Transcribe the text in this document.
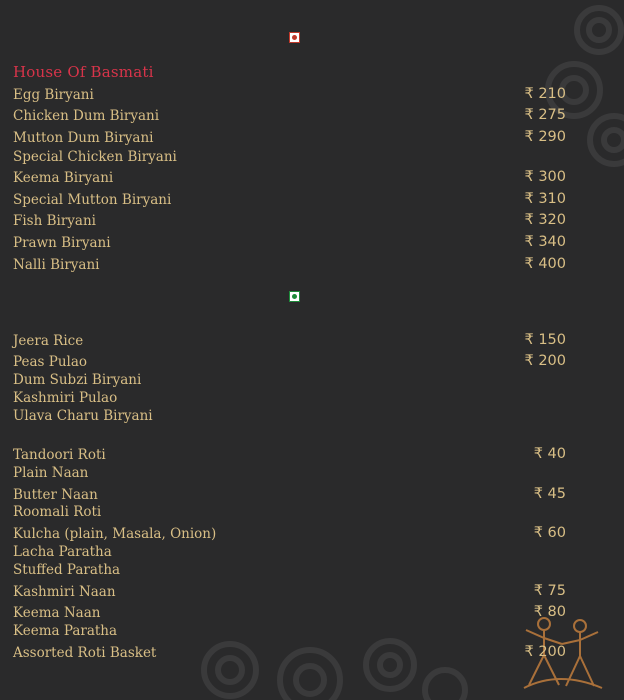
House Of Basmati
Egg Biryani	₹ 210
Chicken Dum Biryani	₹ 275
Mutton Dum Biryani	₹ 290
Special Chicken Biryani
Keema Biryani	₹ 300
Special Mutton Biryani	₹ 310
Fish Biryani	₹ 320
Prawn Biryani	₹ 340
Nalli Biryani	₹ 400
Jeera Rice	₹ 150
Peas Pulao	₹ 200
Dum Subzi Biryani
Kashmiri Pulao
Ulava Charu Biryani
Tandoori Roti	₹ 40
Plain Naan
Butter Naan	₹ 45
Roomali Roti
Kulcha (plain, Masala, Onion)	₹ 60
Lacha Paratha
Stuffed Paratha
Kashmiri Naan	₹ 75
Keema Naan	₹ 80
Keema Paratha
Assorted Roti Basket	₹ 200
